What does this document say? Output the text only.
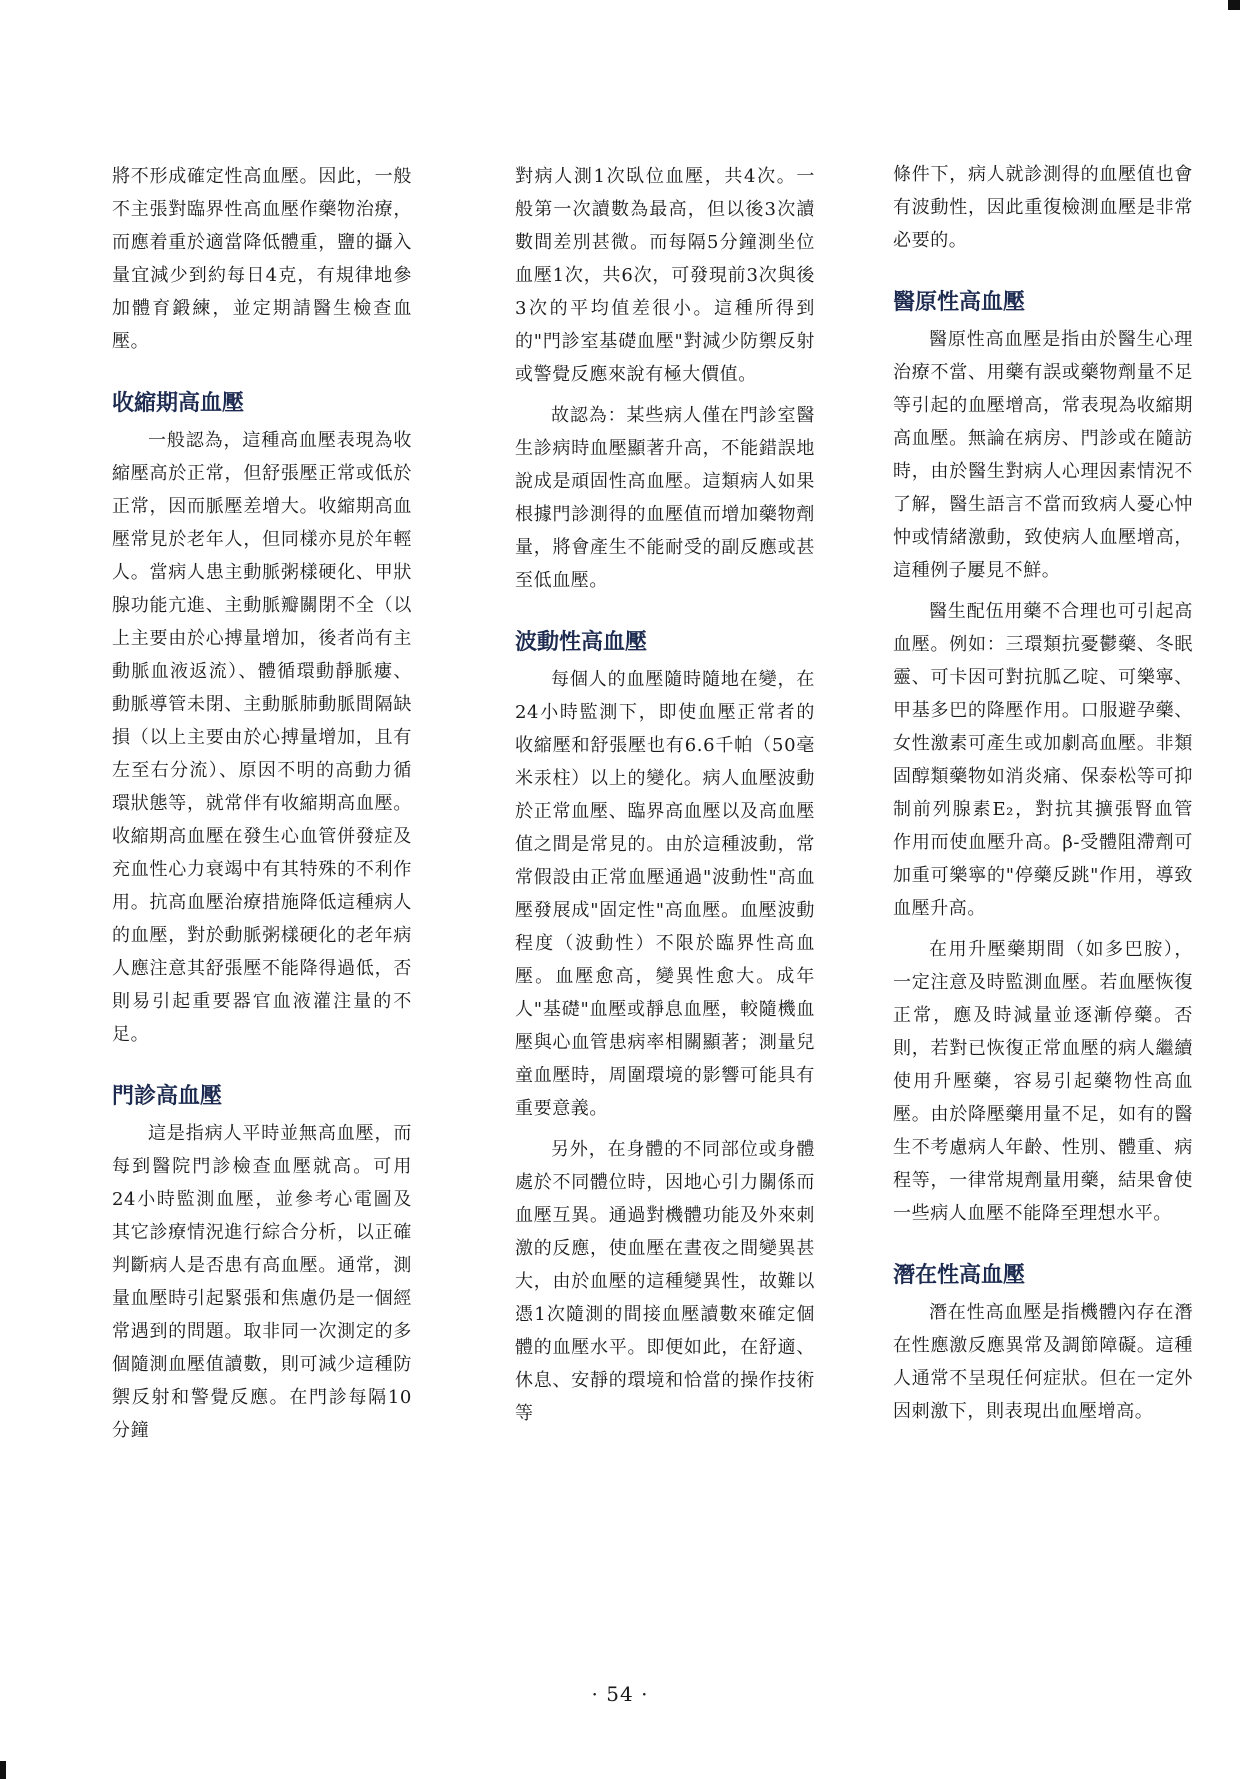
將不形成確定性高血壓。因此，一般不主張對臨界性高血壓作藥物治療，而應着重於適當降低體重，鹽的攝入量宜減少到約每日4克，有規律地參加體育鍛練，並定期請醫生檢查血壓。

收縮期高血壓

一般認為，這種高血壓表現為收縮壓高於正常，但舒張壓正常或低於正常，因而脈壓差增大。收縮期高血壓常見於老年人，但同樣亦見於年輕人。當病人患主動脈粥樣硬化、甲狀腺功能亢進、主動脈瓣關閉不全（以上主要由於心搏量增加，後者尚有主動脈血液返流）、體循環動靜脈瘻、動脈導管未閉、主動脈肺動脈間隔缺損（以上主要由於心搏量增加，且有左至右分流）、原因不明的高動力循環狀態等，就常伴有收縮期高血壓。收縮期高血壓在發生心血管併發症及充血性心力衰竭中有其特殊的不利作用。抗高血壓治療措施降低這種病人的血壓，對於動脈粥樣硬化的老年病人應注意其舒張壓不能降得過低，否則易引起重要器官血液灌注量的不足。

門診高血壓

這是指病人平時並無高血壓，而每到醫院門診檢查血壓就高。可用24小時監測血壓，並參考心電圖及其它診療情況進行綜合分析，以正確判斷病人是否患有高血壓。通常，測量血壓時引起緊張和焦慮仍是一個經常遇到的問題。取非同一次測定的多個隨測血壓值讀數，則可減少這種防禦反射和警覺反應。在門診每隔10分鐘

對病人測1次臥位血壓，共4次。一般第一次讀數為最高，但以後3次讀數間差別甚微。而每隔5分鐘測坐位血壓1次，共6次，可發現前3次與後3次的平均值差很小。這種所得到的"門診室基礎血壓"對減少防禦反射或警覺反應來說有極大價值。

故認為：某些病人僅在門診室醫生診病時血壓顯著升高，不能錯誤地說成是頑固性高血壓。這類病人如果根據門診測得的血壓值而增加藥物劑量，將會產生不能耐受的副反應或甚至低血壓。

波動性高血壓

每個人的血壓隨時隨地在變，在24小時監測下，即使血壓正常者的收縮壓和舒張壓也有6.6千帕（50毫米汞柱）以上的變化。病人血壓波動於正常血壓、臨界高血壓以及高血壓值之間是常見的。由於這種波動，常常假設由正常血壓通過"波動性"高血壓發展成"固定性"高血壓。血壓波動程度（波動性）不限於臨界性高血壓。血壓愈高，變異性愈大。成年人"基礎"血壓或靜息血壓，較隨機血壓與心血管患病率相關顯著；測量兒童血壓時，周圍環境的影響可能具有重要意義。

另外，在身體的不同部位或身體處於不同體位時，因地心引力關係而血壓互異。通過對機體功能及外來刺激的反應，使血壓在晝夜之間變異甚大，由於血壓的這種變異性，故難以憑1次隨測的間接血壓讀數來確定個體的血壓水平。即便如此，在舒適、休息、安靜的環境和恰當的操作技術等

條件下，病人就診測得的血壓值也會有波動性，因此重復檢測血壓是非常必要的。

醫原性高血壓

醫原性高血壓是指由於醫生心理治療不當、用藥有誤或藥物劑量不足等引起的血壓增高，常表現為收縮期高血壓。無論在病房、門診或在隨訪時，由於醫生對病人心理因素情況不了解，醫生語言不當而致病人憂心忡忡或情緒激動，致使病人血壓增高，這種例子屢見不鮮。

醫生配伍用藥不合理也可引起高血壓。例如：三環類抗憂鬱藥、冬眠靈、可卡因可對抗胍乙啶、可樂寧、甲基多巴的降壓作用。口服避孕藥、女性激素可產生或加劇高血壓。非類固醇類藥物如消炎痛、保泰松等可抑制前列腺素E₂，對抗其擴張腎血管作用而使血壓升高。β-受體阻滯劑可加重可樂寧的"停藥反跳"作用，導致血壓升高。

在用升壓藥期間（如多巴胺），一定注意及時監測血壓。若血壓恢復正常，應及時減量並逐漸停藥。否則，若對已恢復正常血壓的病人繼續使用升壓藥，容易引起藥物性高血壓。由於降壓藥用量不足，如有的醫生不考慮病人年齡、性別、體重、病程等，一律常規劑量用藥，結果會使一些病人血壓不能降至理想水平。

潛在性高血壓

潛在性高血壓是指機體內存在潛在性應激反應異常及調節障礙。這種人通常不呈現任何症狀。但在一定外因刺激下，則表現出血壓增高。

· 54 ·
